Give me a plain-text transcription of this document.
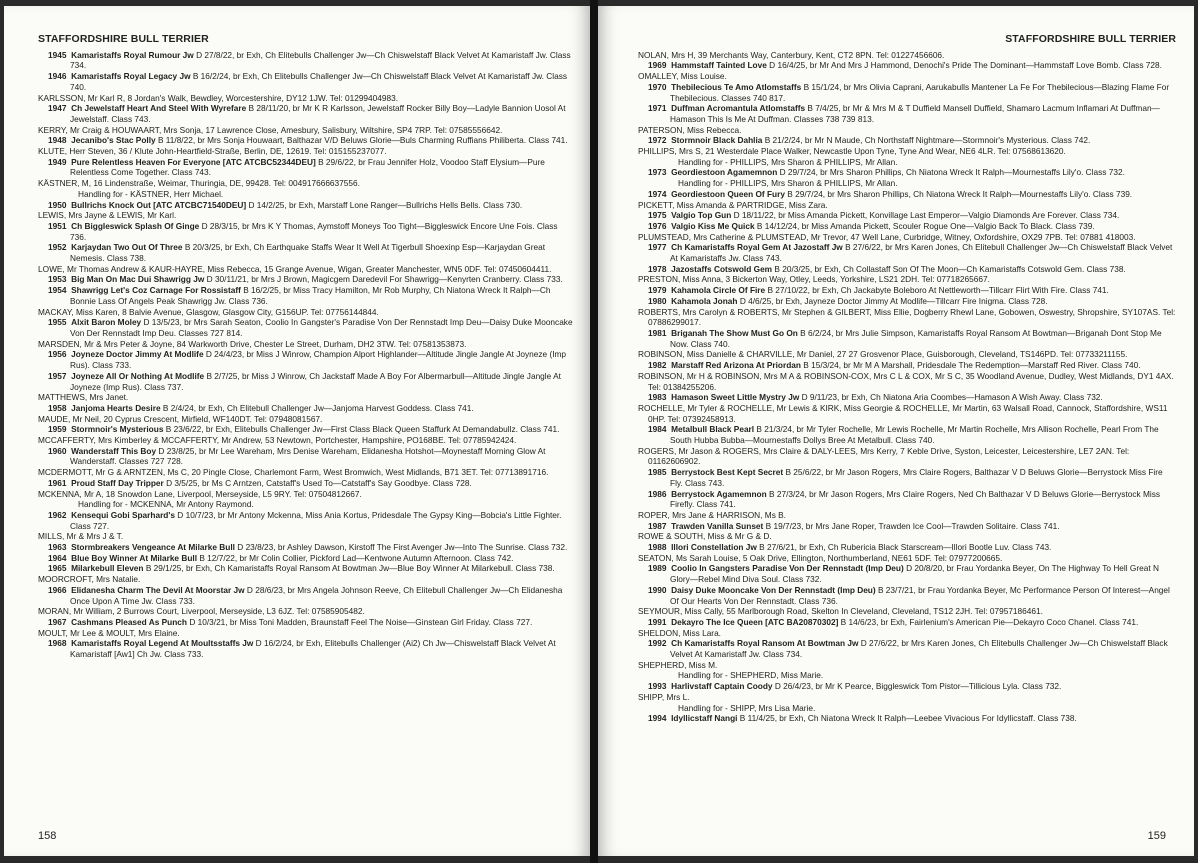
STAFFORDSHIRE BULL TERRIER
1945 Kamaristaffs Royal Rumour Jw D 27/8/22, br Exh, Ch Elitebulls Challenger Jw—Ch Chiswelstaff Black Velvet At Kamaristaff Jw. Class 734.
1946 Kamaristaffs Royal Legacy Jw B 16/2/24, br Exh, Ch Elitebulls Challenger Jw—Ch Chiswelstaff Black Velvet At Kamaristaff Jw. Class 740.
KARLSSON, Mr Karl R, 8 Jordan's Walk, Bewdley, Worcestershire, DY12 1JW. Tel: 01299404983.
1947 Ch Jewelstaff Heart And Steel With Wyrefare B 28/11/20, br Mr K R Karlsson, Jewelstaff Rocker Billy Boy—Ladyle Bannion Uosol At Jewelstaff. Class 743.
KERRY, Mr Craig & HOUWAART, Mrs Sonja, 17 Lawrence Close, Amesbury, Salisbury, Wiltshire, SP4 7RP. Tel: 07585556642.
1948 Jecanibo's Stac Polly B 11/8/22, br Mrs Sonja Houwaart, Balthazar V/D Beluws Glorie—Buls Charming Ruffians Philiberta. Class 741.
KLUTE, Herr Steven, 36 / Klute John-Heartfield-Straße, Berlin, DE, 12619. Tel: 015155237077.
1949 Pure Relentless Heaven For Everyone [ATC ATCBC52344DEU] B 29/6/22, br Frau Jennifer Holz, Voodoo Staff Elysium—Pure Relentless Come Together. Class 743.
KÄSTNER, M, 16 Lindenstraße, Weimar, Thuringia, DE, 99428. Tel: 004917666637556.
Handling for - KÄSTNER, Herr Michael.
1950 Bullrichs Knock Out [ATC ATCBC71540DEU] D 14/2/25, br Exh, Marstaff Lone Ranger—Bullrichs Hells Bells. Class 730.
LEWIS, Mrs Jayne & LEWIS, Mr Karl.
1951 Ch Biggleswick Splash Of Ginge D 28/3/15, br Mrs K Y Thomas, Aymstoff Moneys Too Tight—Biggleswick Encore Une Fois. Class 736.
1952 Karjaydan Two Out Of Three B 20/3/25, br Exh, Ch Earthquake Staffs Wear It Well At Tigerbull Shoexinp Esp—Karjaydan Great Nemesis. Class 738.
LOWE, Mr Thomas Andrew & KAUR-HAYRE, Miss Rebecca, 15 Grange Avenue, Wigan, Greater Manchester, WN5 0DF. Tel: 07450604411.
1953 Big Man On Mac Dui Shawrigg Jw D 30/11/21, br Mrs J Brown, Magicgem Daredevil For Shawrigg—Kenyrten Cranberry. Class 733.
1954 Shawrigg Let's Coz Carnage For Rossistaff B 16/2/25, br Miss Tracy Hamilton, Mr Rob Murphy, Ch Niatona Wreck It Ralph—Ch Bonnie Lass Of Angels Peak Shawrigg Jw. Class 736.
MACKAY, Miss Karen, 8 Balvie Avenue, Glasgow, Glasgow City, G156UP. Tel: 07756144844.
1955 Alxit Baron Moley D 13/5/23, br Mrs Sarah Seaton, Coolio In Gangster's Paradise Von Der Rennstadt Imp Deu—Daisy Duke Mooncake Von Der Rennstadt Imp Deu. Classes 727 814.
MARSDEN, Mr & Mrs Peter & Joyne, 84 Warkworth Drive, Chester Le Street, Durham, DH2 3TW. Tel: 07581353873.
1956 Joyneze Doctor Jimmy At Modlife D 24/4/23, br Miss J Winrow, Champion Alport Highlander—Altitude Jingle Jangle At Joyneze (Imp Rus). Class 733.
1957 Joyneze All Or Nothing At Modlife B 2/7/25, br Miss J Winrow, Ch Jackstaff Made A Boy For Albermarbull—Altitude Jingle Jangle At Joyneze (Imp Rus). Class 737.
MATTHEWS, Mrs Janet.
1958 Janjoma Hearts Desire B 2/4/24, br Exh, Ch Elitebull Challenger Jw—Janjoma Harvest Goddess. Class 741.
MAUDE, Mr Neil, 20 Cyprus Crescent, Mirfield, WF140DT. Tel: 07948081567.
1959 Stormnoir's Mysterious B 23/6/22, br Exh, Elitebulls Challenger Jw—First Class Black Queen Staffurk At Demandabullz. Class 741.
MCCAFFERTY, Mrs Kimberley & MCCAFFERTY, Mr Andrew, 53 Newtown, Portchester, Hampshire, PO168BE. Tel: 07785942424.
1960 Wanderstaff This Boy D 23/8/25, br Mr Lee Wareham, Mrs Denise Wareham, Elidanesha Hotshot—Moynestaff Morning Glow At Wanderstaff. Classes 727 728.
MCDERMOTT, Mr G & ARNTZEN, Ms C, 20 Pingle Close, Charlemont Farm, West Bromwich, West Midlands, B71 3ET. Tel: 07713891716.
1961 Proud Staff Day Tripper D 3/5/25, br Ms C Arntzen, Catstaff's Used To—Catstaff's Say Goodbye. Class 728.
MCKENNA, Mr A, 18 Snowdon Lane, Liverpool, Merseyside, L5 9RY. Tel: 07504812667.
Handling for - MCKENNA, Mr Antony Raymond.
1962 Kensequi Gobi Sparhard's D 10/7/23, br Mr Antony Mckenna, Miss Ania Kortus, Pridesdale The Gypsy King—Bobcia's Little Fighter. Class 727.
MILLS, Mr & Mrs J & T.
1963 Stormbreakers Vengeance At Milarke Bull D 23/8/23, br Ashley Dawson, Kirstoff The First Avenger Jw—Into The Sunrise. Class 732.
1964 Blue Boy Winner At Milarke Bull B 12/7/22, br Mr Colin Collier, Pickford Lad—Kentwone Autumn Afternoon. Class 742.
1965 Milarkebull Eleven B 29/1/25, br Exh, Ch Kamaristaffs Royal Ransom At Bowtman Jw—Blue Boy Winner At Milarkebull. Class 738.
MOORCROFT, Mrs Natalie.
1966 Elidanesha Charm The Devil At Moorstar Jw D 28/6/23, br Mrs Angela Johnson Reeve, Ch Elitebull Challenger Jw—Ch Elidanesha Once Upon A Time Jw. Class 733.
MORAN, Mr William, 2 Burrows Court, Liverpool, Merseyside, L3 6JZ. Tel: 07585905482.
1967 Cashmans Pleased As Punch D 10/3/21, br Miss Toni Madden, Braunstaff Feel The Noise—Ginstean Girl Friday. Class 727.
MOULT, Mr Lee & MOULT, Mrs Elaine.
1968 Kamaristaffs Royal Legend At Moultsstaffs Jw D 16/2/24, br Exh, Elitebulls Challenger (Ai2) Ch Jw—Chiswelstaff Black Velvet At Kamaristaff [Aw1] Ch Jw. Class 733.
158
STAFFORDSHIRE BULL TERRIER
NOLAN, Mrs H, 39 Merchants Way, Canterbury, Kent, CT2 8PN. Tel: 01227456606.
1969 Hammstaff Tainted Love D 16/4/25, br Mr And Mrs J Hammond, Denochi's Pride The Dominant—Hammstaff Love Bomb. Class 728.
OMALLEY, Miss Louise.
1970 Thebilecious Te Amo Atlomstaffs B 15/1/24, br Mrs Olivia Caprani, Aarukabulls Mantener La Fe For Thebilecious—Blazing Flame For Thebilecious. Classes 740 817.
1971 Duffman Acromantula Atlomstaffs B 7/4/25, br Mr & Mrs M & T Duffield Mansell Duffield, Shamaro Lacmum Inflamari At Duffman—Hamason This Is Me At Duffman. Classes 738 739 813.
PATERSON, Miss Rebecca.
1972 Stormnoir Black Dahlia B 21/2/24, br Mr N Maude, Ch Northstaff Nightmare—Stormnoir's Mysterious. Class 742.
PHILLIPS, Mrs S, 21 Westerdale Place Walker, Newcastle Upon Tyne, Tyne And Wear, NE6 4LR. Tel: 07568613620.
Handling for - PHILLIPS, Mrs Sharon & PHILLIPS, Mr Allan.
1973 Geordiestoon Agamemnon D 29/7/24, br Mrs Sharon Phillips, Ch Niatona Wreck It Ralph—Mournestaffs Lily'o. Class 732.
Handling for - PHILLIPS, Mrs Sharon & PHILLIPS, Mr Allan.
1974 Geordiestoon Queen Of Fury B 29/7/24, br Mrs Sharon Phillips, Ch Niatona Wreck It Ralph—Mournestaffs Lily'o. Class 739.
PICKETT, Miss Amanda & PARTRIDGE, Miss Zara.
1975 Valgio Top Gun D 18/11/22, br Miss Amanda Pickett, Konvillage Last Emperor—Valgio Diamonds Are Forever. Class 734.
1976 Valgio Kiss Me Quick B 14/12/24, br Miss Amanda Pickett, Scouler Rogue One—Valgio Back To Black. Class 739.
PLUMSTEAD, Mrs Catherine & PLUMSTEAD, Mr Trevor, 47 Well Lane, Curbridge, Witney, Oxfordshire, OX29 7PB. Tel: 07881 418003.
1977 Ch Kamaristaffs Royal Gem At Jazostaff Jw B 27/6/22, br Mrs Karen Jones, Ch Elitebull Challenger Jw—Ch Chiswelstaff Black Velvet At Kamaristaffs Jw. Class 743.
1978 Jazostaffs Cotswold Gem B 20/3/25, br Exh, Ch Collastaff Son Of The Moon—Ch Kamaristaffs Cotswold Gem. Class 738.
PRESTON, Miss Anna, 3 Bickerton Way, Otley, Leeds, Yorkshire, LS21 2DH. Tel: 07718265667.
1979 Kahamola Circle Of Fire B 27/10/22, br Exh, Ch Jackabyte Boleboro At Nettleworth—Tillcarr Flirt With Fire. Class 741.
1980 Kahamola Jonah D 4/6/25, br Exh, Jayneze Doctor Jimmy At Modlife—Tillcarr Fire Inigma. Class 728.
ROBERTS, Mrs Carolyn & ROBERTS, Mr Stephen & GILBERT, Miss Ellie, Dogberry Rhewl Lane, Gobowen, Oswestry, Shropshire, SY107AS. Tel: 07886299017.
1981 Briganah The Show Must Go On B 6/2/24, br Mrs Julie Simpson, Kamaristaffs Royal Ransom At Bowtman—Briganah Dont Stop Me Now. Class 740.
ROBINSON, Miss Danielle & CHARVILLE, Mr Daniel, 27 27 Grosvenor Place, Guisborough, Cleveland, TS146PD. Tel: 07733211155.
1982 Marstaff Red Arizona At Priordan B 15/3/24, br Mr M A Marshall, Pridesdale The Redemption—Marstaff Red River. Class 740.
ROBINSON, Mr H & ROBINSON, Mrs M A & ROBINSON-COX, Mrs C L & COX, Mr S C, 35 Woodland Avenue, Dudley, West Midlands, DY1 4AX. Tel: 01384255206.
1983 Hamason Sweet Little Mystry Jw D 9/11/23, br Exh, Ch Niatona Aria Coombes—Hamason A Wish Away. Class 732.
ROCHELLE, Mr Tyler & ROCHELLE, Mr Lewis & KIRK, Miss Georgie & ROCHELLE, Mr Martin, 63 Walsall Road, Cannock, Staffordshire, WS11 0HP. Tel: 07392458913.
1984 Metalbull Black Pearl B 21/3/24, br Mr Tyler Rochelle, Mr Lewis Rochelle, Mr Martin Rochelle, Mrs Allison Rochelle, Pearl From The South Hubba Bubba—Mournestaffs Dollys Bree At Metalbull. Class 740.
ROGERS, Mr Jason & ROGERS, Mrs Claire & DALY-LEES, Mrs Kerry, 7 Keble Drive, Syston, Leicester, Leicestershire, LE7 2AN. Tel: 01162606902.
1985 Berrystock Best Kept Secret B 25/6/22, br Mr Jason Rogers, Mrs Claire Rogers, Balthazar V D Beluws Glorie—Berrystock Miss Fire Fly. Class 743.
1986 Berrystock Agamemnon B 27/3/24, br Mr Jason Rogers, Mrs Claire Rogers, Ned Ch Balthazar V D Beluws Glorie—Berrystock Miss Firefly. Class 741.
ROPER, Mrs Jane & HARRISON, Ms B.
1987 Trawden Vanilla Sunset B 19/7/23, br Mrs Jane Roper, Trawden Ice Cool—Trawden Solitaire. Class 741.
ROWE & SOUTH, Miss & Mr G & D.
1988 Illori Constellation Jw B 27/6/21, br Exh, Ch Rubericia Black Starscream—Illori Bootle Luv. Class 743.
SEATON, Ms Sarah Louise, 5 Oak Drive, Ellington, Northumberland, NE61 5DF. Tel: 07977200665.
1989 Coolio In Gangsters Paradise Von Der Rennstadt (Imp Deu) D 20/8/20, br Frau Yordanka Beyer, On The Highway To Hell Great N Glory—Rebel Mind Diva Soul. Class 732.
1990 Daisy Duke Mooncake Von Der Rennstadt (Imp Deu) B 23/7/21, br Frau Yordanka Beyer, Mc Performance Person Of Interest—Angel Of Our Hearts Von Der Rennstadt. Class 736.
SEYMOUR, Miss Cally, 55 Marlborough Road, Skelton In Cleveland, Cleveland, TS12 2JH. Tel: 07957186461.
1991 Dekayro The Ice Queen [ATC BA20870302] B 14/6/23, br Exh, Fairlenium's American Pie—Dekayro Coco Chanel. Class 741.
SHELDON, Miss Lara.
1992 Ch Kamaristaffs Royal Ransom At Bowtman Jw D 27/6/22, br Mrs Karen Jones, Ch Elitebulls Challenger Jw—Ch Chiswelstaff Black Velvet At Kamaristaff Jw. Class 734.
SHEPHERD, Miss M.
Handling for - SHEPHERD, Miss Marie.
1993 Harlivstaff Captain Coody D 26/4/23, br Mr K Pearce, Biggleswick Tom Pistor—Tillicious Lyla. Class 732.
SHIPP, Mrs L.
Handling for - SHIPP, Mrs Lisa Marie.
1994 Idyllicstaff Nangi B 11/4/25, br Exh, Ch Niatona Wreck It Ralph—Leebee Vivacious For Idyllicstaff. Class 738.
159
